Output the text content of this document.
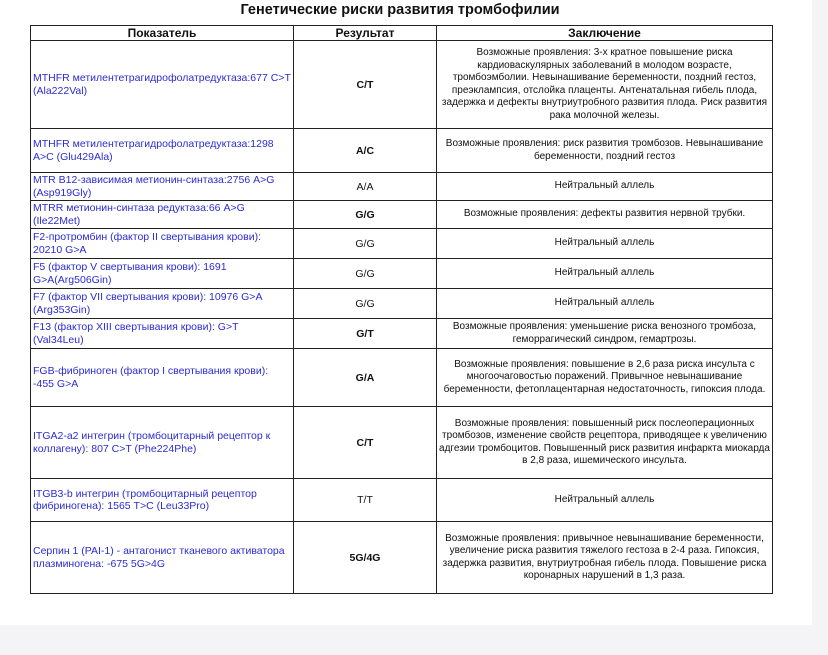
Генетические риски развития тромбофилии
Показатель	Результат	Заключение
MTHFR метилентетрагидрофолатредуктаза:677 C>T (Ala222Val)	C/T	Возможные проявления: 3-х кратное повышение риска кардиоваскулярных заболеваний в молодом возрасте, тромбоэмболии. Невынашивание беременности, поздний гестоз, преэклампсия, отслойка плаценты. Антенатальная гибель плода, задержка и дефекты внутриутробного развития плода. Риск развития рака молочной железы.
MTHFR метилентетрагидрофолатредуктаза:1298 A>C (Glu429Ala)	A/C	Возможные проявления: риск развития тромбозов. Невынашивание беременности, поздний гестоз
MTR B12-зависимая метионин-синтаза:2756 A>G (Asp919Gly)	A/A	Нейтральный аллель
MTRR метионин-синтаза редуктаза:66 A>G (Ile22Met)	G/G	Возможные проявления: дефекты развития нервной трубки.
F2-протромбин (фактор II свертывания крови): 20210 G>A	G/G	Нейтральный аллель
F5 (фактор V свертывания крови): 1691 G>A(Arg506Gin)	G/G	Нейтральный аллель
F7 (фактор VII свертывания крови): 10976 G>A (Arg353Gin)	G/G	Нейтральный аллель
F13 (фактор XIII свертывания крови): G>T (Val34Leu)	G/T	Возможные проявления: уменьшение риска венозного тромбоза, геморрагический синдром, гемартрозы.
FGB-фибриноген (фактор I свертывания крови): -455 G>A	G/A	Возможные проявления: повышение в 2,6 раза риска инсульта с многоочаговостью поражений. Привычное невынашивание беременности, фетоплацентарная недостаточность, гипоксия плода.
ITGA2-a2 интегрин (тромбоцитарный рецептор к коллагену): 807 C>T (Phe224Phe)	C/T	Возможные проявления: повышенный риск послеоперационных тромбозов, изменение свойств рецептора, приводящее к увеличению адгезии тромбоцитов. Повышенный риск развития инфаркта миокарда в 2,8 раза, ишемического инсульта.
ITGB3-b интегрин (тромбоцитарный рецептор фибриногена): 1565 T>C (Leu33Pro)	T/T	Нейтральный аллель
Серпин 1 (PAI-1) - антагонист тканевого активатора плазминогена: -675 5G>4G	5G/4G	Возможные проявления: привычное невынашивание беременности, увеличение риска развития тяжелого гестоза в 2-4 раза. Гипоксия, задержка развития, внутриутробная гибель плода. Повышение риска коронарных нарушений в 1,3 раза.
